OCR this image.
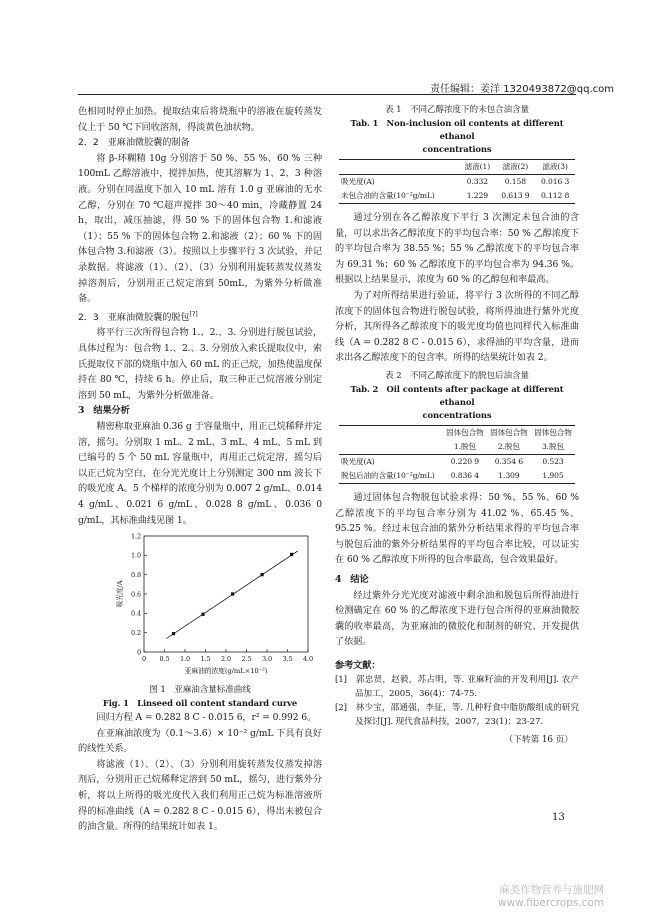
责任编辑：姜洋 1320493872@qq.com
色相同时停止加热。提取结束后将烧瓶中的溶液在旋转蒸发仪上于 50 ℃下回收溶剂，得淡黄色油状物。
2．2　亚麻油微胶囊的制备
将 β-环糊精 10g 分别溶于 50 %、55 %、60 % 三种 100mL 乙醇溶液中，搅拌加热，使其溶解为 1、2、3 种溶液。分别在同温度下加入 10 mL 溶有 1.0 g 亚麻油的无水乙醇，分别在 70 ℃超声搅拌 30～40 min，冷藏静置 24 h，取出，减压抽滤，得 50 % 下的固体包合物 1.和滤液（1）；55 % 下的固体包合物 2.和滤液（2）；60 % 下的固体包合物 3.和滤液（3）。按照以上步骤平行 3 次试验，并记录数据。将滤液（1）、（2）、（3）分别利用旋转蒸发仪蒸发掉溶剂后，分别用正己烷定溶到 50mL，为紫外分析做准备。
2．3　亚麻油微胶囊的脱包[7]
将平行三次所得包合物 1.、2.、3. 分别进行脱包试验，具体过程为：包合物 1.、2.、3. 分别放入索氏提取仪中，索氏提取仪下部的烧瓶中加入 60 mL 的正己烷，加热使温度保持在 80 ℃，持续 6 h。停止后，取三种正己烷溶液分别定溶到 50 mL，为紫外分析做准备。
3　结果分析
精密称取亚麻油 0.36 g 于容量瓶中，用正己烷稀释并定溶，摇匀。分别取 1 mL、2 mL、3 mL、4 mL、5 mL 到已编号的 5 个 50 mL 容量瓶中，再用正己烷定溶，摇匀后以正己烷为空白，在分光光度计上分别测定 300 nm 波长下的吸光度 A。5 个梯样的浓度分别为 0.007 2 g/mL、0.014 4 g/mL、0.021 6 g/mL、0.028 8 g/mL、0.036 0 g/mL，其标准曲线见图 1。
0 0.5 1.0 1.5 2.0 2.5 3.0 3.5 4.0
0
0.2
0.4
0.6
0.8
1.0
1.2
亚麻油的浓度(g/mL×10⁻²)
吸光度/A
图 1　亚麻油含量标准曲线
Fig. 1　Linseed oil content standard curve
回归方程 A = 0.282 8 C - 0.015 6，r² = 0.992 6。
在亚麻油浓度为（0.1～3.6）× 10⁻² g/mL 下具有良好的线性关系。
将滤液（1）、（2）、（3）分别利用旋转蒸发仪蒸发掉溶剂后，分别用正己烷稀释定溶到 50 mL，摇匀，进行紫外分析，将以上所得的吸光度代入我们利用正己烷为标准溶液所得的标准曲线（A = 0.282 8 C - 0.015 6），得出未被包合的油含量。所得的结果统计如表 1。
表 1　不同乙醇浓度下的未包合油含量
Tab. 1　Non-inclusion oil contents at different ethanol
concentrations
	滤液(1)	滤液(2)	滤液(3)
吸光度(A)	0.332	0.158	0.016 3
未包合油的含量(10⁻²g/mL)	1.229	0.613 9	0.112 8
通过分别在各乙醇浓度下平行 3 次测定未包合油的含量，可以求出各乙醇浓度下的平均包合率：50 % 乙醇浓度下的平均包合率为 38.55 %；55 % 乙醇浓度下的平均包合率为 69.31 %；60 % 乙醇浓度下的平均包合率为 94.36 %。根据以上结果显示，浓度为 60 % 的乙醇包和率最高。
为了对所得结果进行验证，将平行 3 次所得的不同乙醇浓度下的固体包合物进行脱包试验，将所得油进行紫外光度分析，其所得各乙醇浓度下的吸光度均值也同样代入标准曲线（A = 0.282 8 C - 0.015 6），求得油的平均含量，进而求出各乙醇浓度下的包含率。所得的结果统计如表 2。
表 2　不同乙醇浓度下的脱包后油含量
Tab. 2　Oil contents after package at different ethanol
concentrations
	固体包合物	固体包合物	固体包合物
	1.脱包	2.脱包	3.脱包
吸光度(A)	0.220 9	0.354 6	0.523
脱包后油的含量(10⁻²g/mL)	0.836 4	1.309	1.905
通过固体包合物脱包试验求得：50 %、55 %、60 % 乙醇浓度下的平均包合率分别为 41.02 %、65.45 %、95.25 %。经过未包合油的紫外分析结果求得的平均包合率与脱包后油的紫外分析结果得的平均包合率比较，可以证实在 60 % 乙醇浓度下所得的包合率最高，包合效果最好。
4　结论
经过紫外分光光度对滤液中剩余油和脱包后所得油进行检测确定在 60 % 的乙醇浓度下进行包合所得的亚麻油微胶囊的收率最高，为亚麻油的微胶化和制剂的研究、开发提供了依据。
参考文献：
[1]　郭忠贤，赵毅，苏占明，等. 亚麻籽油的开发利用[J]. 农产品加工，2005，36(4)：74-75.
[2]　林少宝，邵通强，李征，等. 几种籽食中脂肪酸组成的研究及探讨[J]. 现代食品科技，2007，23(1)：23-27.
（下转第 16 页）
13
麻类作物营养与施肥网
www.fibercrops.com
